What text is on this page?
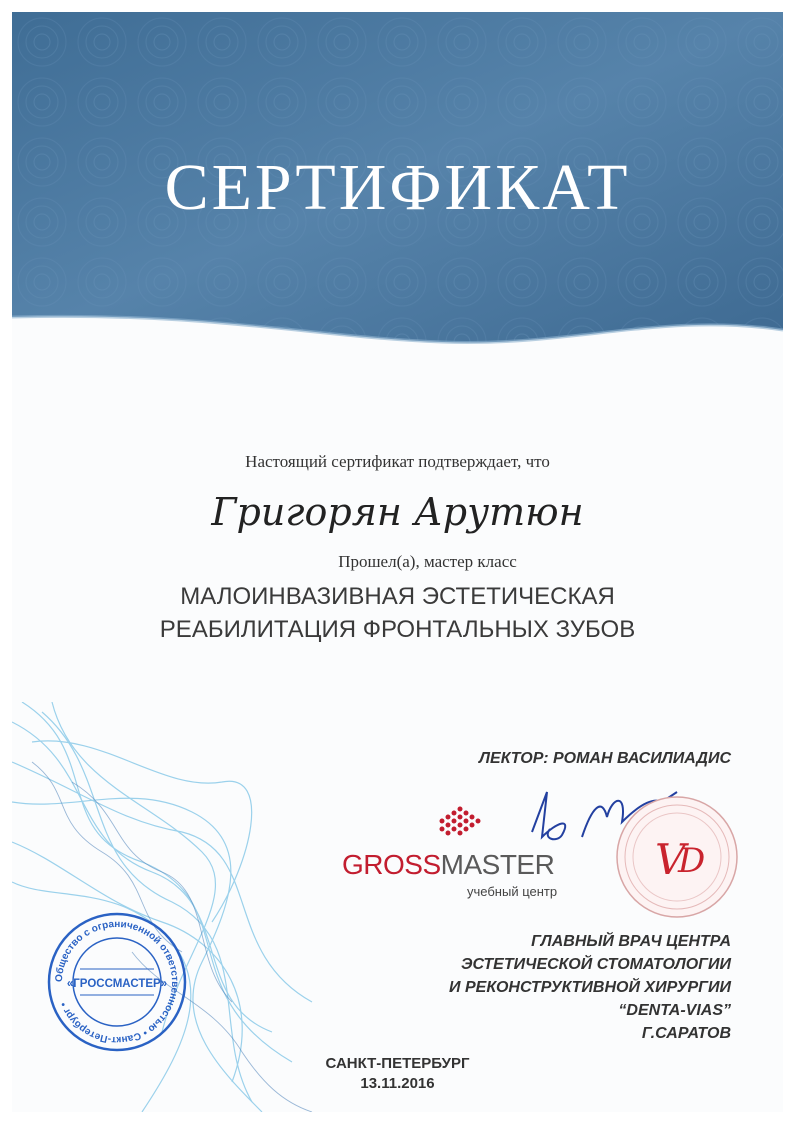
СЕРТИФИКАТ
Настоящий сертификат подтверждает, что
Григорян Арутюн
Прошел(а), мастер класс
МАЛОИНВАЗИВНАЯ ЭСТЕТИЧЕСКАЯ
РЕАБИЛИТАЦИЯ ФРОНТАЛЬНЫХ ЗУБОВ
ЛЕКТОР: РОМАН ВАСИЛИАДИС
GROSSMASTER
учебный центр
V
D
Общество с ограниченной ответственностью • Санкт-Петербург •
«ГРОССМАСТЕР»
ГЛАВНЫЙ ВРАЧ ЦЕНТРА
ЭСТЕТИЧЕСКОЙ СТОМАТОЛОГИИ
И РЕКОНСТРУКТИВНОЙ ХИРУРГИИ
“DENTA-VIAS”
Г.САРАТОВ
САНКТ-ПЕТЕРБУРГ
13.11.2016
